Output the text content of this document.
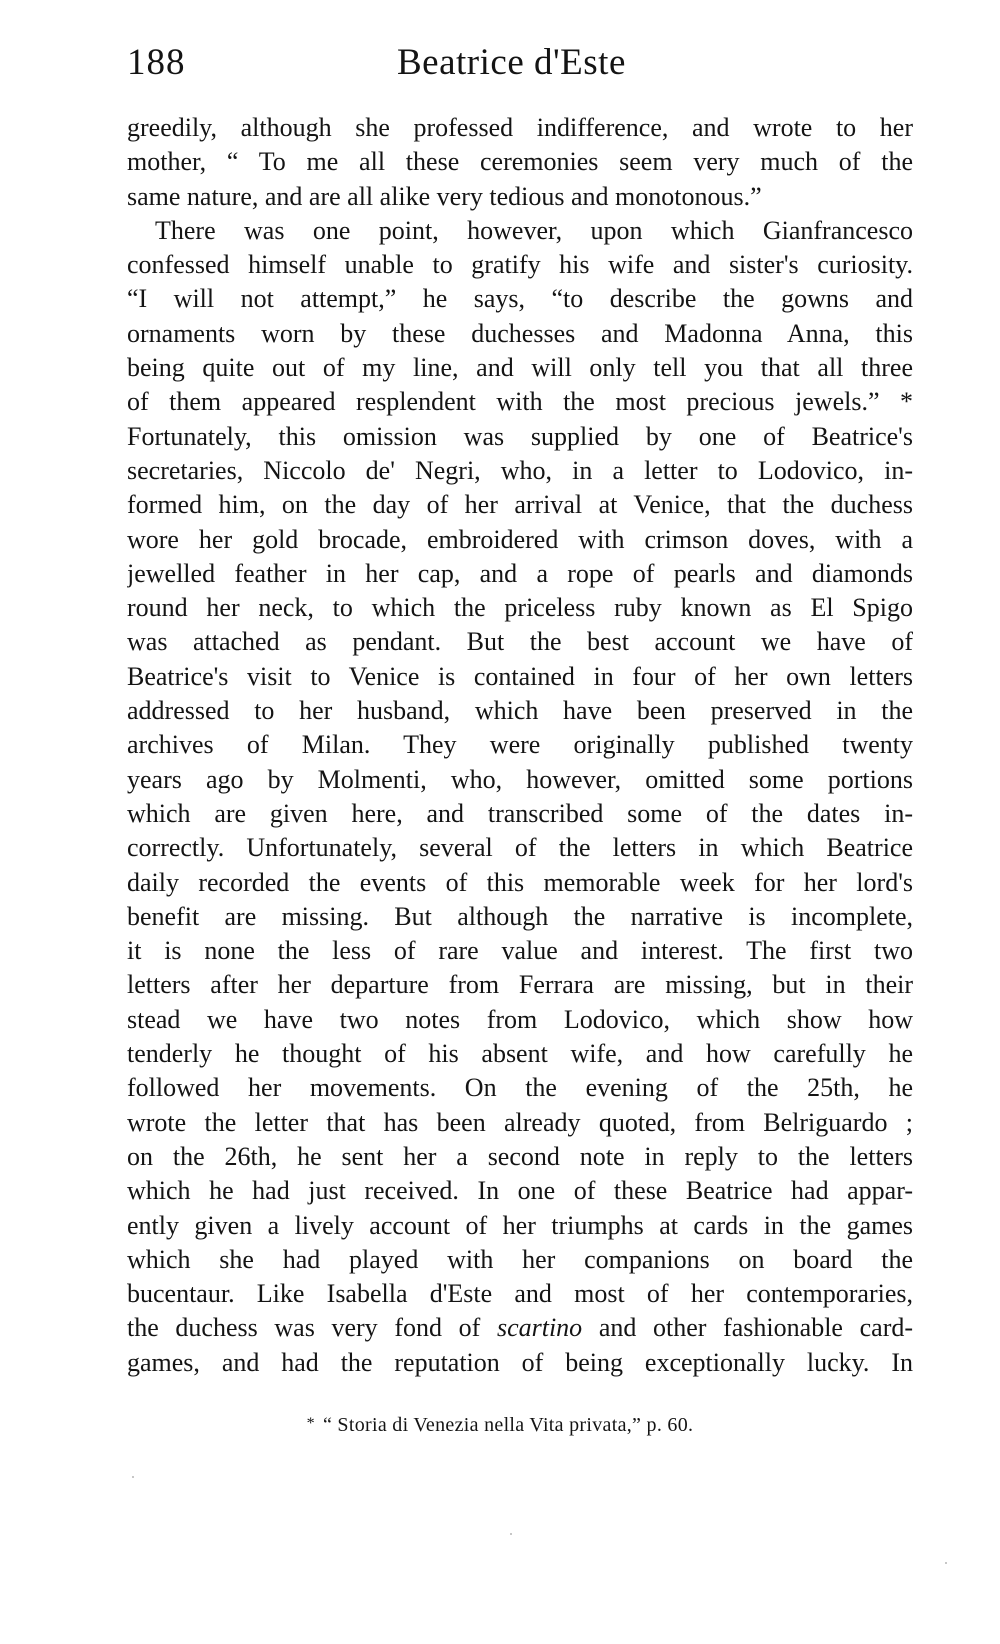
188	Beatrice d'Este
greedily, although she professed indifference, and wrote to her
mother, “ To me all these ceremonies seem very much of the
same nature, and are all alike very tedious and monotonous.”
There was one point, however, upon which Gianfrancesco
confessed himself unable to gratify his wife and sister's curiosity.
“I will not attempt,” he says, “to describe the gowns and
ornaments worn by these duchesses and Madonna Anna, this
being quite out of my line, and will only tell you that all three
of them appeared resplendent with the most precious jewels.” *
Fortunately, this omission was supplied by one of Beatrice's
secretaries, Niccolo de' Negri, who, in a letter to Lodovico, in-
formed him, on the day of her arrival at Venice, that the duchess
wore her gold brocade, embroidered with crimson doves, with a
jewelled feather in her cap, and a rope of pearls and diamonds
round her neck, to which the priceless ruby known as El Spigo
was attached as pendant. But the best account we have of
Beatrice's visit to Venice is contained in four of her own letters
addressed to her husband, which have been preserved in the
archives of Milan. They were originally published twenty
years ago by Molmenti, who, however, omitted some portions
which are given here, and transcribed some of the dates in-
correctly. Unfortunately, several of the letters in which Beatrice
daily recorded the events of this memorable week for her lord's
benefit are missing. But although the narrative is incomplete,
it is none the less of rare value and interest. The first two
letters after her departure from Ferrara are missing, but in their
stead we have two notes from Lodovico, which show how
tenderly he thought of his absent wife, and how carefully he
followed her movements. On the evening of the 25th, he
wrote the letter that has been already quoted, from Belriguardo ;
on the 26th, he sent her a second note in reply to the letters
which he had just received. In one of these Beatrice had appar-
ently given a lively account of her triumphs at cards in the games
which she had played with her companions on board the
bucentaur. Like Isabella d'Este and most of her contemporaries,
the duchess was very fond of scartino and other fashionable card-
games, and had the reputation of being exceptionally lucky. In
* “ Storia di Venezia nella Vita privata,” p. 60.
